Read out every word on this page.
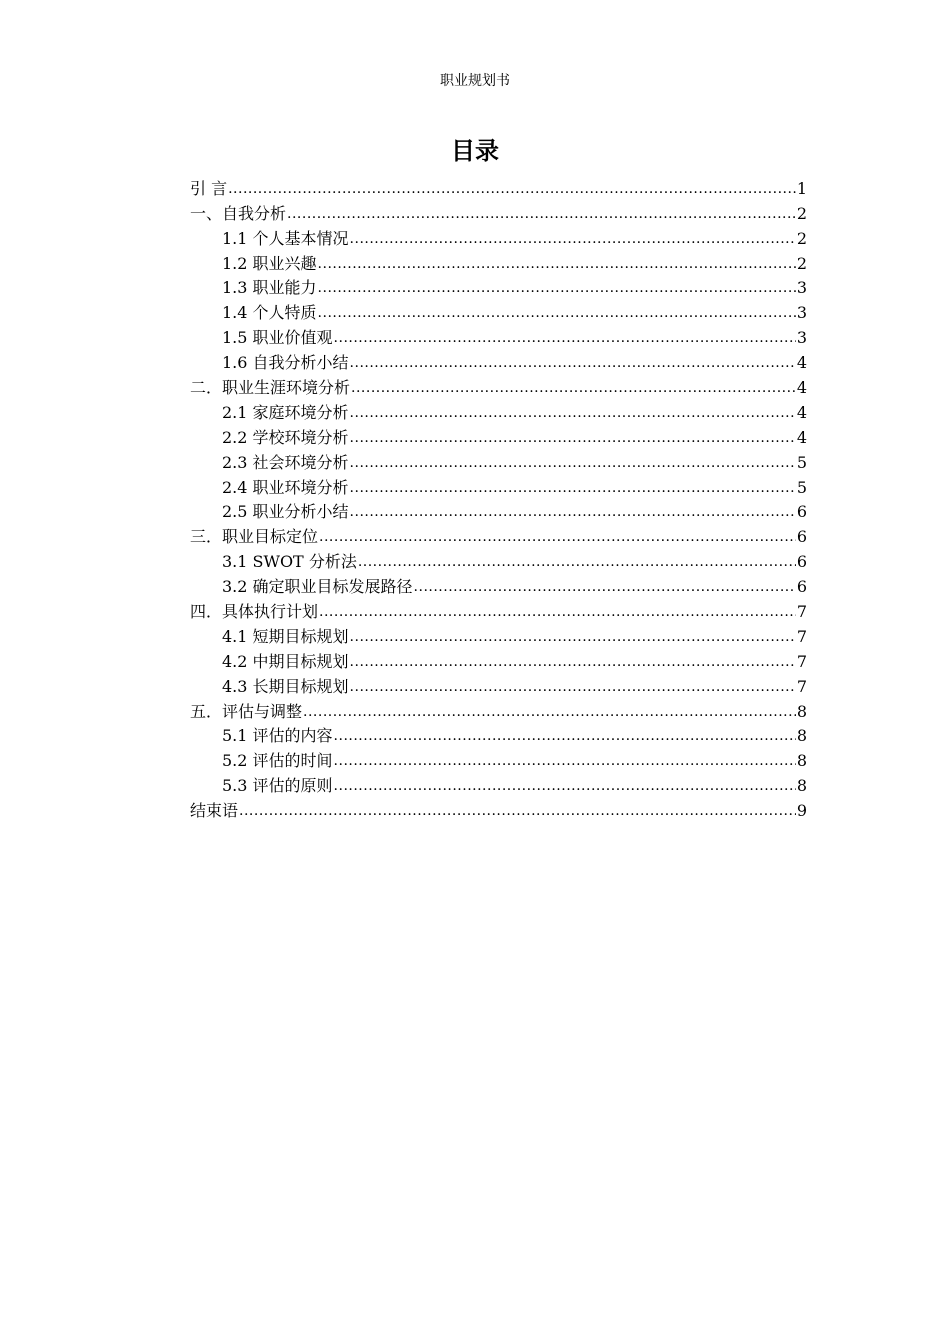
职业规划书
目录
引 言 .....	1
一、自我分析 .....	2
1.1 个人基本情况 .....	2
1.2 职业兴趣 .....	2
1.3 职业能力 .....	3
1.4 个人特质 .....	3
1.5 职业价值观 .....	3
1.6 自我分析小结 .....	4
二．职业生涯环境分析 .....	4
2.1 家庭环境分析 .....	4
2.2 学校环境分析 .....	4
2.3 社会环境分析 .....	5
2.4 职业环境分析 .....	5
2.5 职业分析小结 .....	6
三．职业目标定位 .....	6
3.1 SWOT 分析法 .....	6
3.2 确定职业目标发展路径 .....	6
四．具体执行计划 .....	7
4.1 短期目标规划 .....	7
4.2 中期目标规划 .....	7
4.3 长期目标规划 .....	7
五．评估与调整 .....	8
5.1 评估的内容 .....	8
5.2 评估的时间 .....	8
5.3 评估的原则 .....	8
结束语 .....	9
